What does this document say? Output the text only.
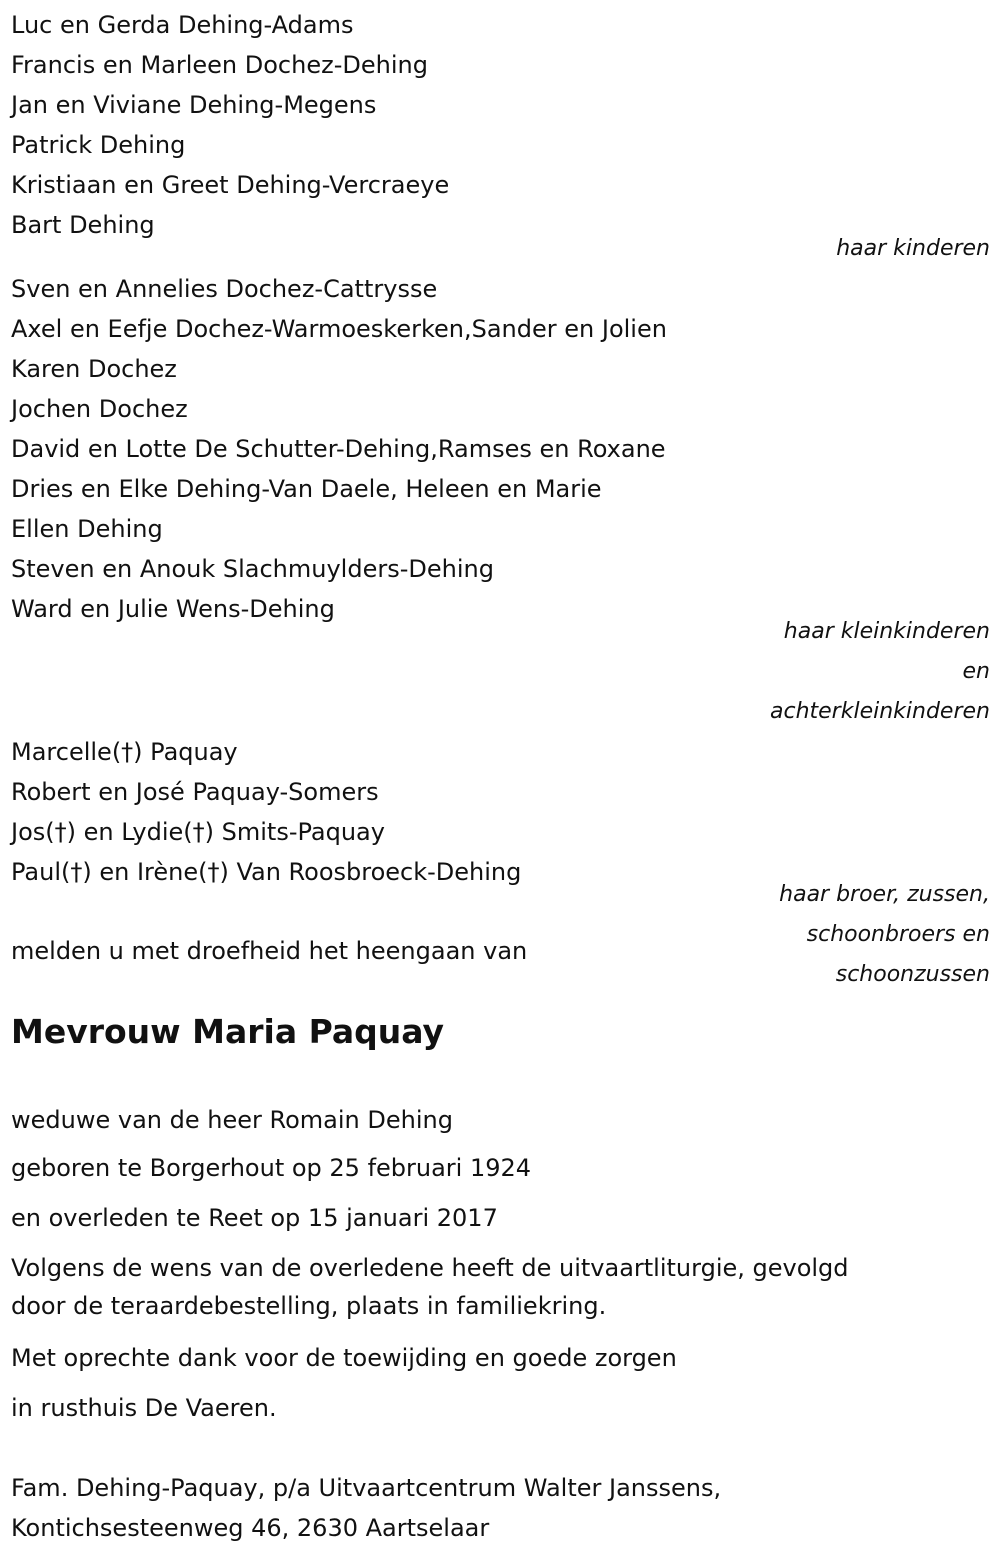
Luc en Gerda Dehing-Adams
Francis en Marleen Dochez-Dehing
Jan en Viviane Dehing-Megens
Patrick Dehing
Kristiaan en Greet Dehing-Vercraeye
Bart Dehing
haar kinderen
Sven en Annelies Dochez-Cattrysse
Axel en Eefje Dochez-Warmoeskerken,Sander en Jolien
Karen Dochez
Jochen Dochez
David en Lotte De Schutter-Dehing,Ramses en Roxane
Dries en Elke Dehing-Van Daele, Heleen en Marie
Ellen Dehing
Steven en Anouk Slachmuylders-Dehing
Ward en Julie Wens-Dehing
haar kleinkinderen
en
achterkleinkinderen
Marcelle(†) Paquay
Robert en José Paquay-Somers
Jos(†) en Lydie(†) Smits-Paquay
Paul(†) en Irène(†) Van Roosbroeck-Dehing
haar broer, zussen,
schoonbroers en
schoonzussen
melden u met droefheid het heengaan van
Mevrouw Maria Paquay
weduwe van de heer Romain Dehing
geboren te Borgerhout op 25 februari 1924
en overleden te Reet op 15 januari 2017
Volgens de wens van de overledene heeft de uitvaartliturgie, gevolgd
door de teraardebestelling, plaats in familiekring.
Met oprechte dank voor de toewijding en goede zorgen
in rusthuis De Vaeren.
Fam. Dehing-Paquay, p/a Uitvaartcentrum Walter Janssens,
Kontichsesteenweg 46, 2630 Aartselaar
